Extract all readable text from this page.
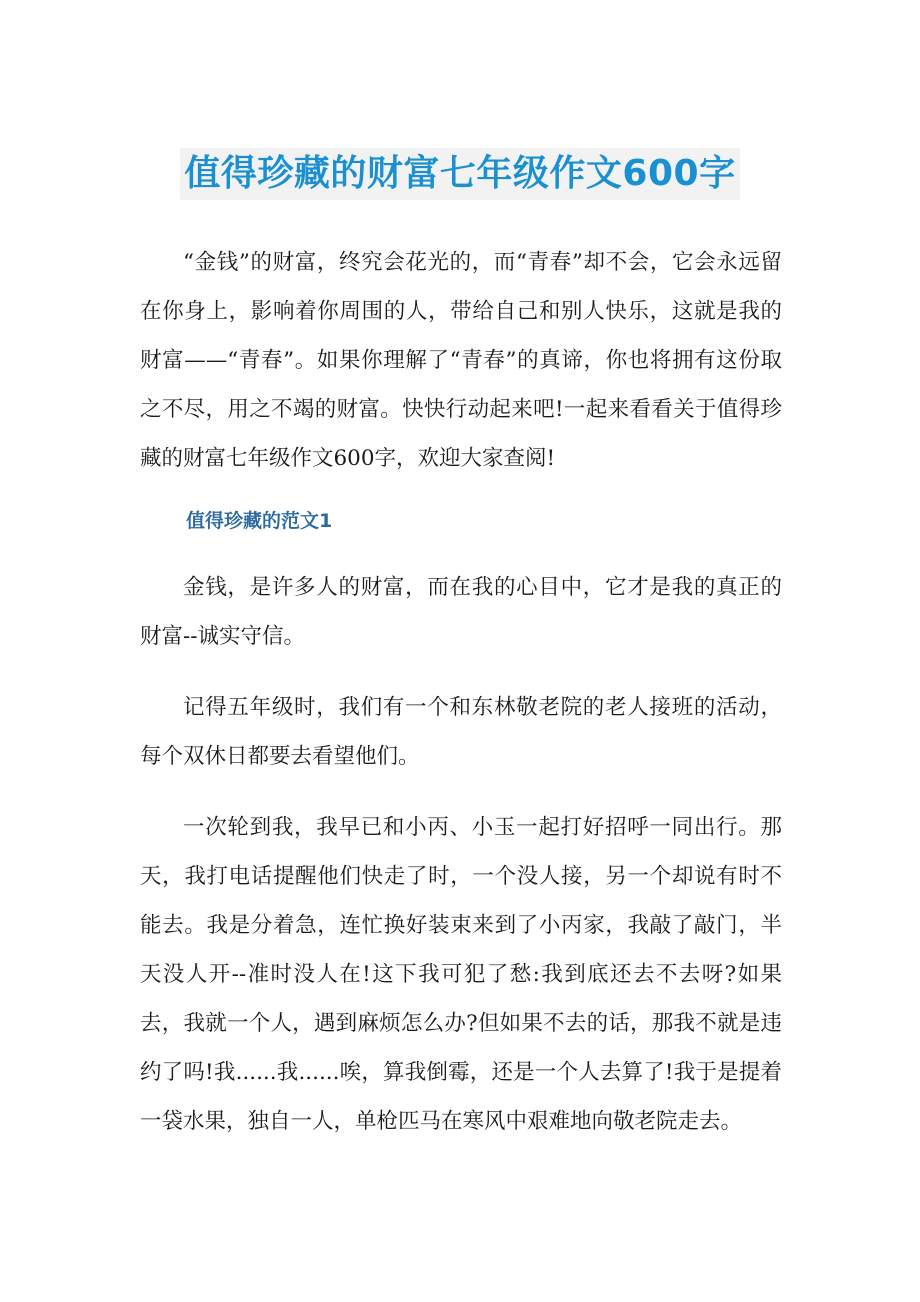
值得珍藏的财富七年级作文600字

“金钱”的财富，终究会花光的，而“青春”却不会，它会永远留在你身上，影响着你周围的人，带给自己和别人快乐，这就是我的财富——“青春”。如果你理解了“青春”的真谛，你也将拥有这份取之不尽，用之不竭的财富。快快行动起来吧!一起来看看关于值得珍藏的财富七年级作文600字，欢迎大家查阅!

值得珍藏的范文1

金钱，是许多人的财富，而在我的心目中，它才是我的真正的财富--诚实守信。

记得五年级时，我们有一个和东林敬老院的老人接班的活动，每个双休日都要去看望他们。

一次轮到我，我早已和小丙、小玉一起打好招呼一同出行。那天，我打电话提醒他们快走了时，一个没人接，另一个却说有时不能去。我是分着急，连忙换好装束来到了小丙家，我敲了敲门，半天没人开--准时没人在!这下我可犯了愁:我到底还去不去呀?如果去，我就一个人，遇到麻烦怎么办?但如果不去的话，那我不就是违约了吗!我......我......唉，算我倒霉，还是一个人去算了!我于是提着一袋水果，独自一人，单枪匹马在寒风中艰难地向敬老院走去。
